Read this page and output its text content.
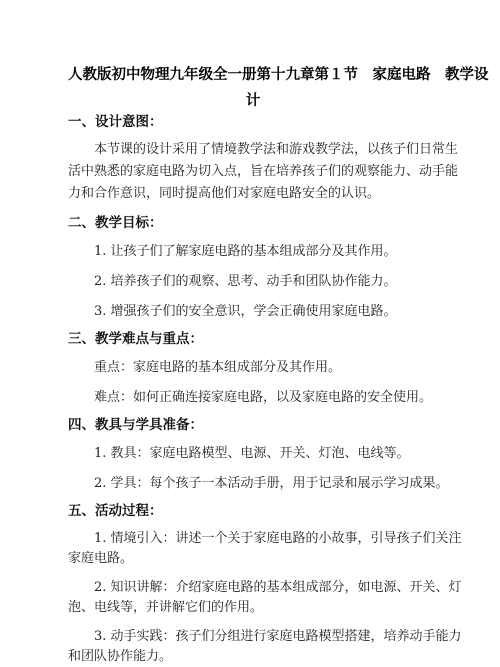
人教版初中物理九年级全一册第十九章第１节　家庭电路　教学设
计

一、设计意图：

本节课的设计采用了情境教学法和游戏教学法，以孩子们日常生
活中熟悉的家庭电路为切入点，旨在培养孩子们的观察能力、动手能
力和合作意识，同时提高他们对家庭电路安全的认识。

二、教学目标：

1. 让孩子们了解家庭电路的基本组成部分及其作用。

2. 培养孩子们的观察、思考、动手和团队协作能力。

3. 增强孩子们的安全意识，学会正确使用家庭电路。

三、教学难点与重点：

重点：家庭电路的基本组成部分及其作用。

难点：如何正确连接家庭电路，以及家庭电路的安全使用。

四、教具与学具准备：

1. 教具：家庭电路模型、电源、开关、灯泡、电线等。

2. 学具：每个孩子一本活动手册，用于记录和展示学习成果。

五、活动过程：

1. 情境引入：讲述一个关于家庭电路的小故事，引导孩子们关注
家庭电路。
2. 知识讲解：介绍家庭电路的基本组成部分，如电源、开关、灯
泡、电线等，并讲解它们的作用。
3. 动手实践：孩子们分组进行家庭电路模型搭建，培养动手能力
和团队协作能力。
